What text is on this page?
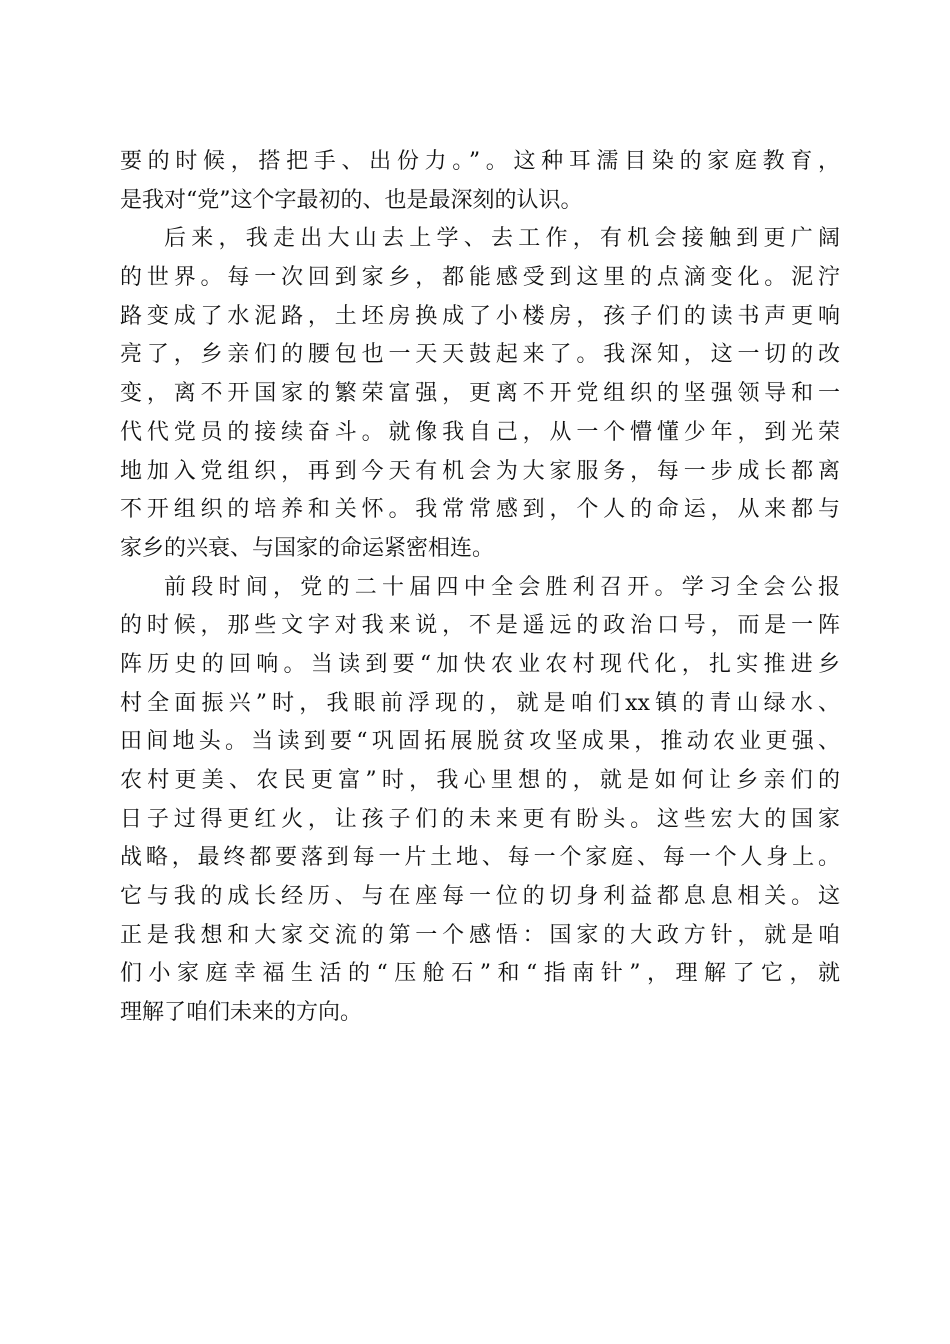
要的时候，搭把手、出份力。”。这种耳濡目染的家庭教育，
是我对“党”这个字最初的、也是最深刻的认识。
后来，我走出大山去上学、去工作，有机会接触到更广阔
的世界。每一次回到家乡，都能感受到这里的点滴变化。泥泞
路变成了水泥路，土坯房换成了小楼房，孩子们的读书声更响
亮了，乡亲们的腰包也一天天鼓起来了。我深知，这一切的改
变，离不开国家的繁荣富强，更离不开党组织的坚强领导和一
代代党员的接续奋斗。就像我自己，从一个懵懂少年，到光荣
地加入党组织，再到今天有机会为大家服务，每一步成长都离
不开组织的培养和关怀。我常常感到，个人的命运，从来都与
家乡的兴衰、与国家的命运紧密相连。
前段时间，党的二十届四中全会胜利召开。学习全会公报
的时候，那些文字对我来说，不是遥远的政治口号，而是一阵
阵历史的回响。当读到要“加快农业农村现代化，扎实推进乡
村全面振兴”时，我眼前浮现的，就是咱们xx镇的青山绿水、
田间地头。当读到要“巩固拓展脱贫攻坚成果，推动农业更强、
农村更美、农民更富”时，我心里想的，就是如何让乡亲们的
日子过得更红火，让孩子们的未来更有盼头。这些宏大的国家
战略，最终都要落到每一片土地、每一个家庭、每一个人身上。
它与我的成长经历、与在座每一位的切身利益都息息相关。这
正是我想和大家交流的第一个感悟：国家的大政方针，就是咱
们小家庭幸福生活的“压舱石”和“指南针”，理解了它，就
理解了咱们未来的方向。
